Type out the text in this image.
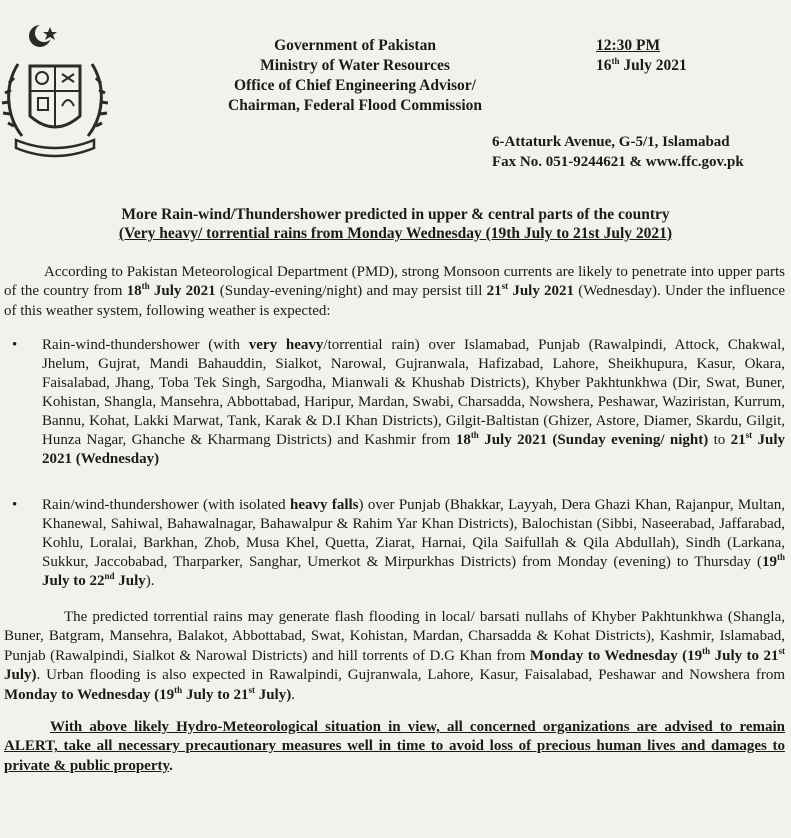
Government of Pakistan
Ministry of Water Resources
Office of Chief Engineering Advisor/
Chairman, Federal Flood Commission
12:30 PM
16th July 2021
6-Attaturk Avenue, G-5/1, Islamabad
Fax No. 051-9244621 & www.ffc.gov.pk
More Rain-wind/Thundershower predicted in upper & central parts of the country
(Very heavy/ torrential rains from Monday Wednesday (19th July to 21st July 2021)
According to Pakistan Meteorological Department (PMD), strong Monsoon currents are likely to penetrate into upper parts of the country from 18th July 2021 (Sunday-evening/night) and may persist till 21st July 2021 (Wednesday). Under the influence of this weather system, following weather is expected:
• Rain-wind-thundershower (with very heavy/torrential rain) over Islamabad, Punjab (Rawalpindi, Attock, Chakwal, Jhelum, Gujrat, Mandi Bahauddin, Sialkot, Narowal, Gujranwala, Hafizabad, Lahore, Sheikhupura, Kasur, Okara, Faisalabad, Jhang, Toba Tek Singh, Sargodha, Mianwali & Khushab Districts), Khyber Pakhtunkhwa (Dir, Swat, Buner, Kohistan, Shangla, Mansehra, Abbottabad, Haripur, Mardan, Swabi, Charsadda, Nowshera, Peshawar, Waziristan, Kurrum, Bannu, Kohat, Lakki Marwat, Tank, Karak & D.I Khan Districts), Gilgit-Baltistan (Ghizer, Astore, Diamer, Skardu, Gilgit, Hunza Nagar, Ghanche & Kharmang Districts) and Kashmir from 18th July 2021 (Sunday evening/ night) to 21st July 2021 (Wednesday)
• Rain/wind-thundershower (with isolated heavy falls) over Punjab (Bhakkar, Layyah, Dera Ghazi Khan, Rajanpur, Multan, Khanewal, Sahiwal, Bahawalnagar, Bahawalpur & Rahim Yar Khan Districts), Balochistan (Sibbi, Naseerabad, Jaffarabad, Kohlu, Loralai, Barkhan, Zhob, Musa Khel, Quetta, Ziarat, Harnai, Qila Saifullah & Qila Abdullah), Sindh (Larkana, Sukkur, Jaccobabad, Tharparker, Sanghar, Umerkot & Mirpurkhas Districts) from Monday (evening) to Thursday (19th July to 22nd July).
The predicted torrential rains may generate flash flooding in local/ barsati nullahs of Khyber Pakhtunkhwa (Shangla, Buner, Batgram, Mansehra, Balakot, Abbottabad, Swat, Kohistan, Mardan, Charsadda & Kohat Districts), Kashmir, Islamabad, Punjab (Rawalpindi, Sialkot & Narowal Districts) and hill torrents of D.G Khan from Monday to Wednesday (19th July to 21st July). Urban flooding is also expected in Rawalpindi, Gujranwala, Lahore, Kasur, Faisalabad, Peshawar and Nowshera from Monday to Wednesday (19th July to 21st July).
With above likely Hydro-Meteorological situation in view, all concerned organizations are advised to remain ALERT, take all necessary precautionary measures well in time to avoid loss of precious human lives and damages to private & public property.
